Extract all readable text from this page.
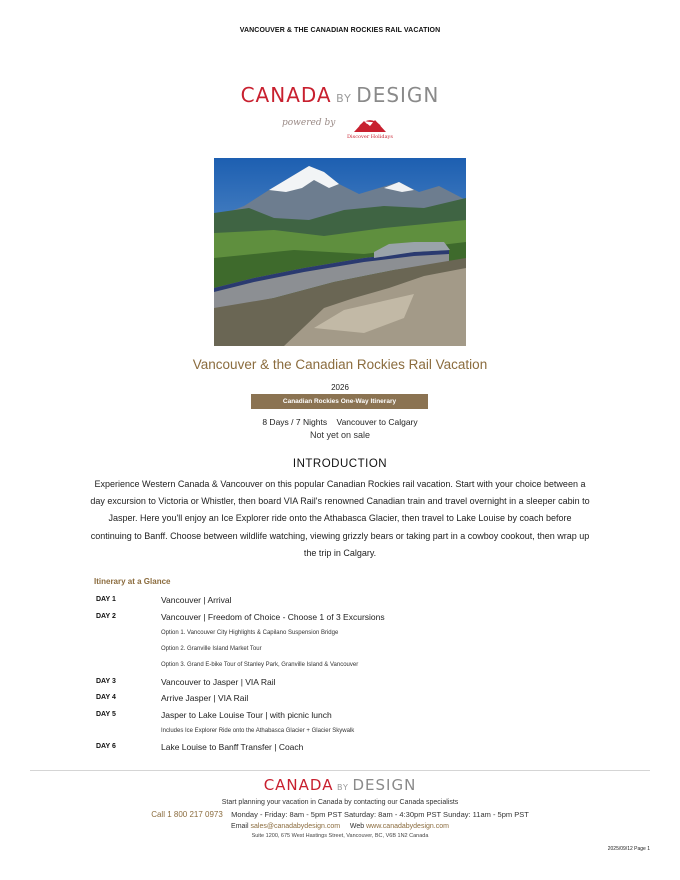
VANCOUVER & THE CANADIAN ROCKIES RAIL VACATION
CANADA BY DESIGN
powered by
Discover Holidays
Vancouver & the Canadian Rockies Rail Vacation
2026
Canadian Rockies One-Way Itinerary
8 Days / 7 Nights Vancouver to Calgary
Not yet on sale
INTRODUCTION
Experience Western Canada & Vancouver on this popular Canadian Rockies rail vacation. Start with your choice between a day excursion to Victoria or Whistler, then board VIA Rail's renowned Canadian train and travel overnight in a sleeper cabin to Jasper. Here you'll enjoy an Ice Explorer ride onto the Athabasca Glacier, then travel to Lake Louise by coach before continuing to Banff. Choose between wildlife watching, viewing grizzly bears or taking part in a cowboy cookout, then wrap up the trip in Calgary.
Itinerary at a Glance
DAY 1	Vancouver | Arrival
DAY 2	Vancouver | Freedom of Choice - Choose 1 of 3 Excursions
Option 1. Vancouver City Highlights & Capilano Suspension Bridge
Option 2. Granville Island Market Tour
Option 3. Grand E-bike Tour of Stanley Park, Granville Island & Vancouver
DAY 3	Vancouver to Jasper | VIA Rail
DAY 4	Arrive Jasper | VIA Rail
DAY 5	Jasper to Lake Louise Tour | with picnic lunch
Includes Ice Explorer Ride onto the Athabasca Glacier + Glacier Skywalk
DAY 6	Lake Louise to Banff Transfer | Coach
CANADA BY DESIGN
Start planning your vacation in Canada by contacting our Canada specialists
Call 1 800 217 0973 Monday - Friday: 8am - 5pm PST Saturday: 8am - 4:30pm PST Sunday: 11am - 5pm PST
Email sales@canadabydesign.com Web www.canadabydesign.com
Suite 1200, 675 West Hastings Street, Vancouver, BC, V6B 1N2 Canada
2025/09/12 Page 1
